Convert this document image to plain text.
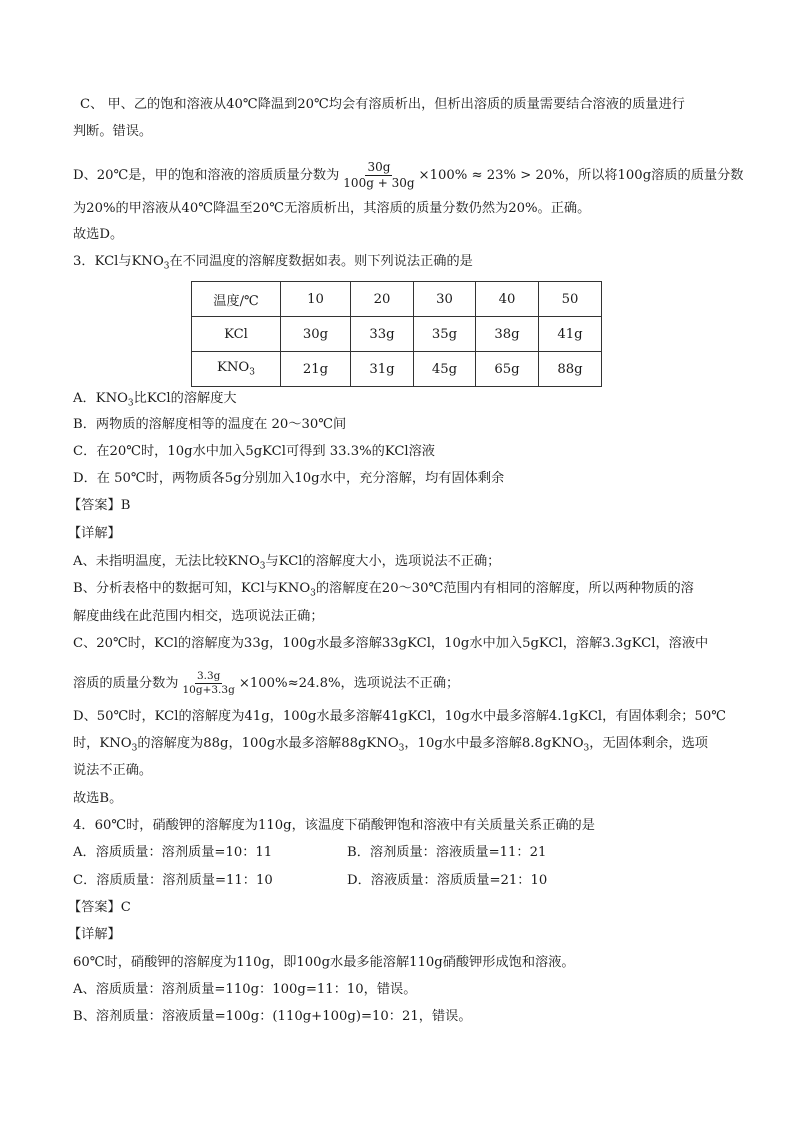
C、 甲、乙的饱和溶液从40℃降温到20℃均会有溶质析出，但析出溶质的质量需要结合溶液的质量进行
判断。错误。
D、20℃是，甲的饱和溶液的溶质质量分数为 $\frac{30g}{100g + 30g} \times 100\% \approx 23\% > 20\%$，所以将100g溶质的质量分数
为20%的甲溶液从40℃降温至20℃无溶质析出，其溶质的质量分数仍然为20%。正确。
故选D。
3．KCl与$KNO_3$在不同温度的溶解度数据如表。则下列说法正确的是
温度/℃	10	20	30	40	50
KCl	30g	33g	35g	38g	41g
$KNO_3$	21g	31g	45g	65g	88g
A．$KNO_3$比KCl的溶解度大
B．两物质的溶解度相等的温度在 20～30℃间
C．在20℃时，10g水中加入5gKCl可得到 33.3%的KCl溶液
D．在 50℃时，两物质各5g分别加入10g水中，充分溶解，均有固体剩余
【答案】B
【详解】
A、未指明温度，无法比较$KNO_3$与KCl的溶解度大小，选项说法不正确；
B、分析表格中的数据可知，KCl与$KNO_3$的溶解度在20～30℃范围内有相同的溶解度，所以两种物质的溶
解度曲线在此范围内相交，选项说法正确；
C、20℃时，KCl的溶解度为33g，100g水最多溶解33gKCl，10g水中加入5gKCl，溶解3.3gKCl，溶液中
溶质的质量分数为 $\frac{3.3g}{10g+3.3g} \times 100\%\approx 24.8\%$，选项说法不正确；
D、50℃时，KCl的溶解度为41g，100g水最多溶解41gKCl，10g水中最多溶解4.1gKCl，有固体剩余；50℃
时，$KNO_3$的溶解度为88g，100g水最多溶解88gKNO$_3$，10g水中最多溶解8.8gKNO$_3$，无固体剩余，选项
说法不正确。
故选B。
4．60℃时，硝酸钾的溶解度为110g，该温度下硝酸钾饱和溶液中有关质量关系正确的是
A．溶质质量：溶剂质量=10：11	B．溶剂质量：溶液质量=11：21
C．溶质质量：溶剂质量=11：10	D．溶液质量：溶质质量=21：10
【答案】C
【详解】
60℃时，硝酸钾的溶解度为110g，即100g水最多能溶解110g硝酸钾形成饱和溶液。
A、溶质质量：溶剂质量=110g：100g=11：10，错误。
B、溶剂质量：溶液质量=100g：(110g+100g)=10：21，错误。
